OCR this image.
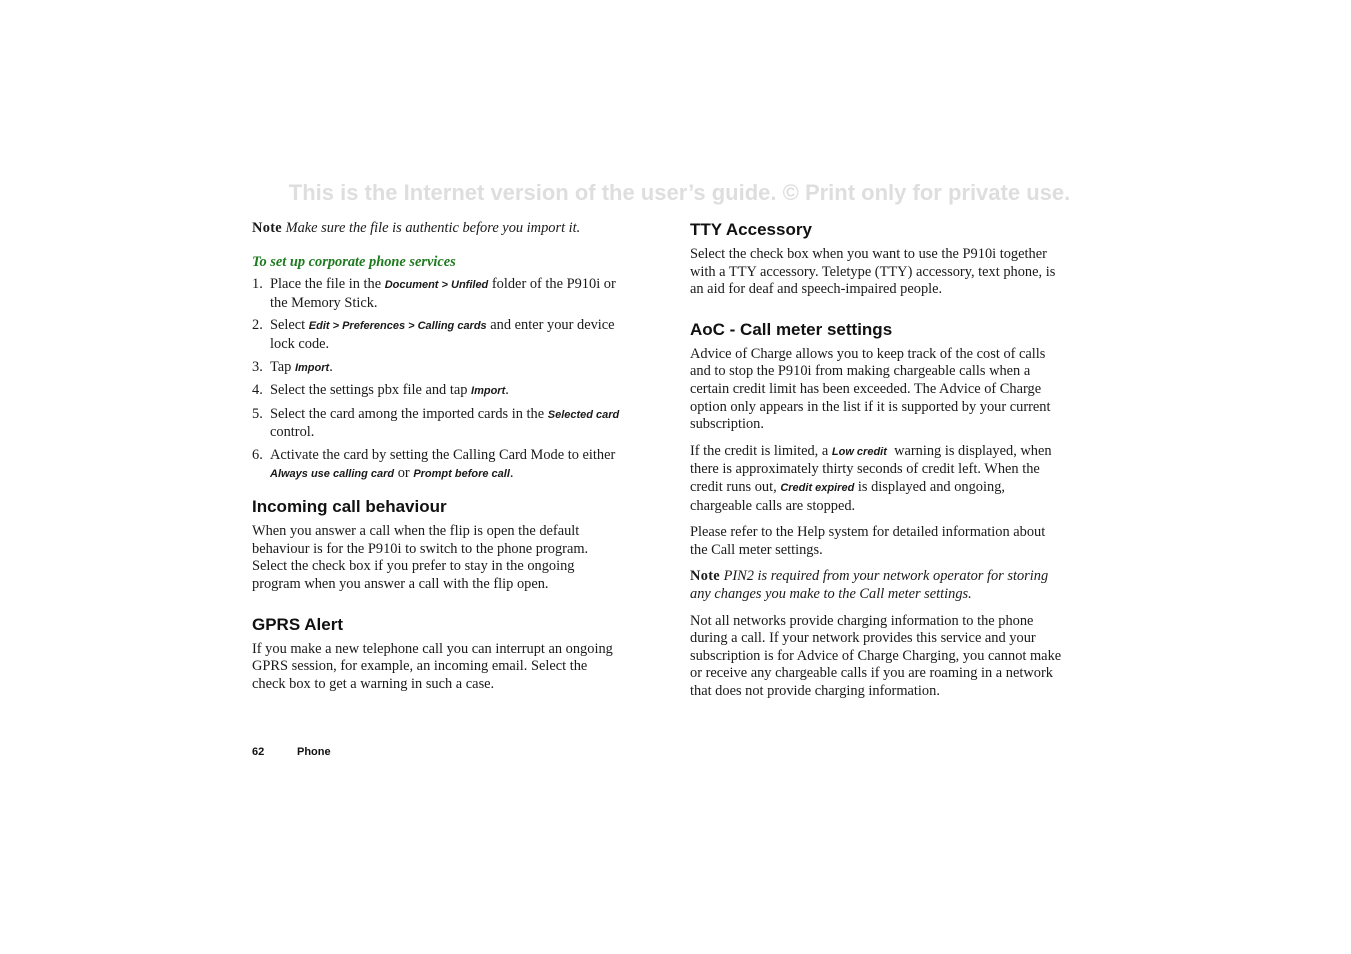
This is the Internet version of the user’s guide. © Print only for private use.

Note Make sure the file is authentic before you import it.

To set up corporate phone services

1. Place the file in the Document > Unfiled folder of the P910i or the Memory Stick.
2. Select Edit > Preferences > Calling cards and enter your device lock code.
3. Tap Import.
4. Select the settings pbx file and tap Import.
5. Select the card among the imported cards in the Selected card control.
6. Activate the card by setting the Calling Card Mode to either Always use calling card or Prompt before call.
Incoming call behaviour

When you answer a call when the flip is open the default behaviour is for the P910i to switch to the phone program. Select the check box if you prefer to stay in the ongoing program when you answer a call with the flip open.

GPRS Alert

If you make a new telephone call you can interrupt an ongoing GPRS session, for example, an incoming email. Select the check box to get a warning in such a case.

TTY Accessory

Select the check box when you want to use the P910i together with a TTY accessory. Teletype (TTY) accessory, text phone, is an aid for deaf and speech-impaired people.

AoC - Call meter settings

Advice of Charge allows you to keep track of the cost of calls and to stop the P910i from making chargeable calls when a certain credit limit has been exceeded. The Advice of Charge option only appears in the list if it is supported by your current subscription.

If the credit is limited, a Low credit  warning is displayed, when there is approximately thirty seconds of credit left. When the credit runs out, Credit expired is displayed and ongoing, chargeable calls are stopped.

Please refer to the Help system for detailed information about the Call meter settings.

Note PIN2 is required from your network operator for storing any changes you make to the Call meter settings.

Not all networks provide charging information to the phone during a call. If your network provides this service and your subscription is for Advice of Charge Charging, you cannot make or receive any chargeable calls if you are roaming in a network that does not provide charging information.

62	Phone
